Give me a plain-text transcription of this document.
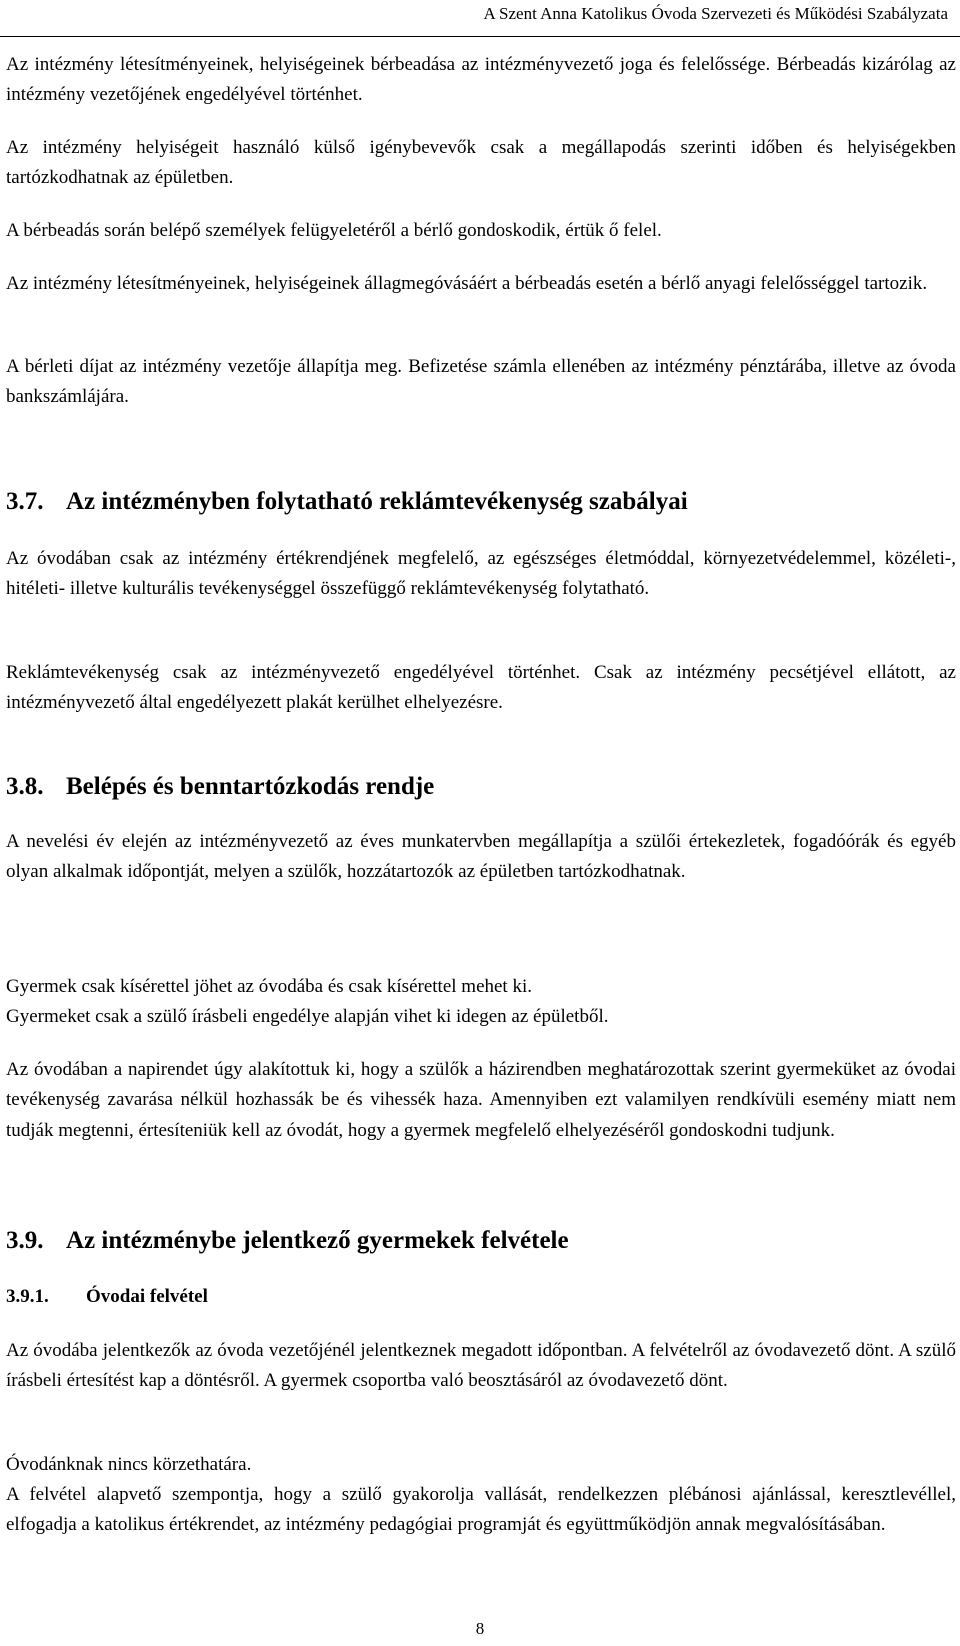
A Szent Anna Katolikus Óvoda Szervezeti és Működési Szabályzata

Az intézmény létesítményeinek, helyiségeinek bérbeadása az intézményvezető joga és felelőssége. Bérbeadás kizárólag az intézmény vezetőjének engedélyével történhet.

Az intézmény helyiségeit használó külső igénybevevők csak a megállapodás szerinti időben és helyiségekben tartózkodhatnak az épületben.

A bérbeadás során belépő személyek felügyeletéről a bérlő gondoskodik, értük ő felel.

Az intézmény létesítményeinek, helyiségeinek állagmegóvásáért a bérbeadás esetén a bérlő anyagi felelősséggel tartozik.

A bérleti díjat az intézmény vezetője állapítja meg. Befizetése számla ellenében az intézmény pénztárába, illetve az óvoda bankszámlájára.

3.7. Az intézményben folytatható reklámtevékenység szabályai

Az óvodában csak az intézmény értékrendjének megfelelő, az egészséges életmóddal, környezetvédelemmel, közéleti-, hitéleti- illetve kulturális tevékenységgel összefüggő reklámtevékenység folytatható.

Reklámtevékenység csak az intézményvezető engedélyével történhet. Csak az intézmény pecsétjével ellátott, az intézményvezető által engedélyezett plakát kerülhet elhelyezésre.

3.8. Belépés és benntartózkodás rendje

A nevelési év elején az intézményvezető az éves munkatervben megállapítja a szülői értekezletek, fogadóórák és egyéb olyan alkalmak időpontját, melyen a szülők, hozzátartozók az épületben tartózkodhatnak.

Gyermek csak kísérettel jöhet az óvodába és csak kísérettel mehet ki.

Gyermeket csak a szülő írásbeli engedélye alapján vihet ki idegen az épületből.

Az óvodában a napirendet úgy alakítottuk ki, hogy a szülők a házirendben meghatározottak szerint gyermeküket az óvodai tevékenység zavarása nélkül hozhassák be és vihessék haza. Amennyiben ezt valamilyen rendkívüli esemény miatt nem tudják megtenni, értesíteniük kell az óvodát, hogy a gyermek megfelelő elhelyezéséről gondoskodni tudjunk.

3.9. Az intézménybe jelentkező gyermekek felvétele
3.9.1. Óvodai felvétel

Az óvodába jelentkezők az óvoda vezetőjénél jelentkeznek megadott időpontban. A felvételről az óvodavezető dönt. A szülő írásbeli értesítést kap a döntésről. A gyermek csoportba való beosztásáról az óvodavezető dönt.

Óvodánknak nincs körzethatára.

A felvétel alapvető szempontja, hogy a szülő gyakorolja vallását, rendelkezzen plébánosi ajánlással, keresztlevéllel, elfogadja a katolikus értékrendet, az intézmény pedagógiai programját és együttműködjön annak megvalósításában.

8
